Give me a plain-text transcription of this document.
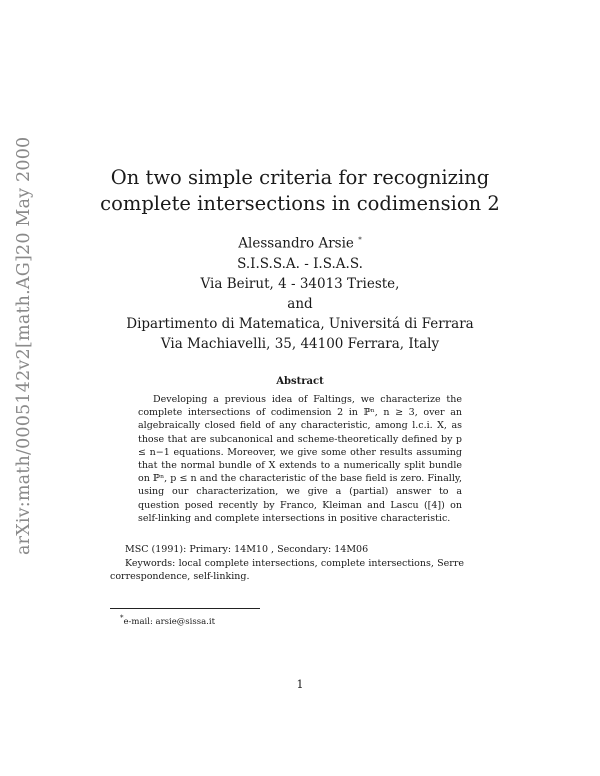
arXiv:math/0005142v2
[math.AG]
20 May 2000	On two simple criteria for recognizing
complete intersections in codimension 2
Alessandro Arsie *
S.I.S.S.A. - I.S.A.S.
Via Beirut, 4 - 34013 Trieste,
and
Dipartimento di Matematica, Universitá di Ferrara
Via Machiavelli, 35, 44100 Ferrara, Italy
Abstract
Developing a previous idea of Faltings, we characterize the complete intersections of codimension 2 in ℙⁿ, n ≥ 3, over an algebraically closed field of any characteristic, among l.c.i. X, as those that are subcanonical and scheme-theoretically defined by p ≤ n−1 equations. Moreover, we give some other results assuming that the normal bundle of X extends to a numerically split bundle on ℙⁿ, p ≤ n and the characteristic of the base field is zero. Finally, using our characterization, we give a (partial) answer to a question posed recently by Franco, Kleiman and Lascu ([4]) on self-linking and complete intersections in positive characteristic.
MSC (1991): Primary: 14M10 , Secondary: 14M06
Keywords: local complete intersections, complete intersections, Serre correspondence, self-linking.
*e-mail: arsie@sissa.it
1
